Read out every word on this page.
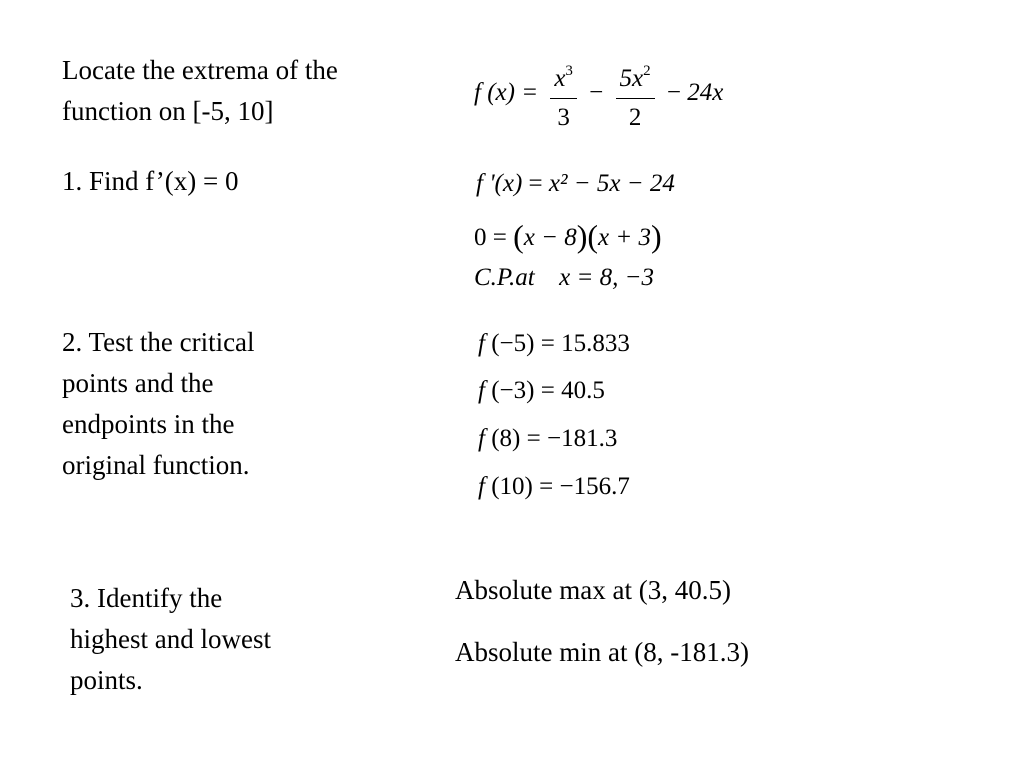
Locate the extrema of the
function on [-5, 10]
1. Find f’(x) = 0
2. Test the critical
points and the
endpoints in the
original function.
3. Identify the
highest and lowest
points.
f $(x) = \frac{x^3}{3} - \frac{5x^2}{2} - 24x$
f '(x) = x² − 5x − 24
0 = (x − 8)(x + 3)
C.P.at x = 8, −3
f (−5) = 15.833
f (−3) = 40.5
f (8) = −181.3
f (10) = −156.7
Absolute max at (3, 40.5)
Absolute min at (8, -181.3)
